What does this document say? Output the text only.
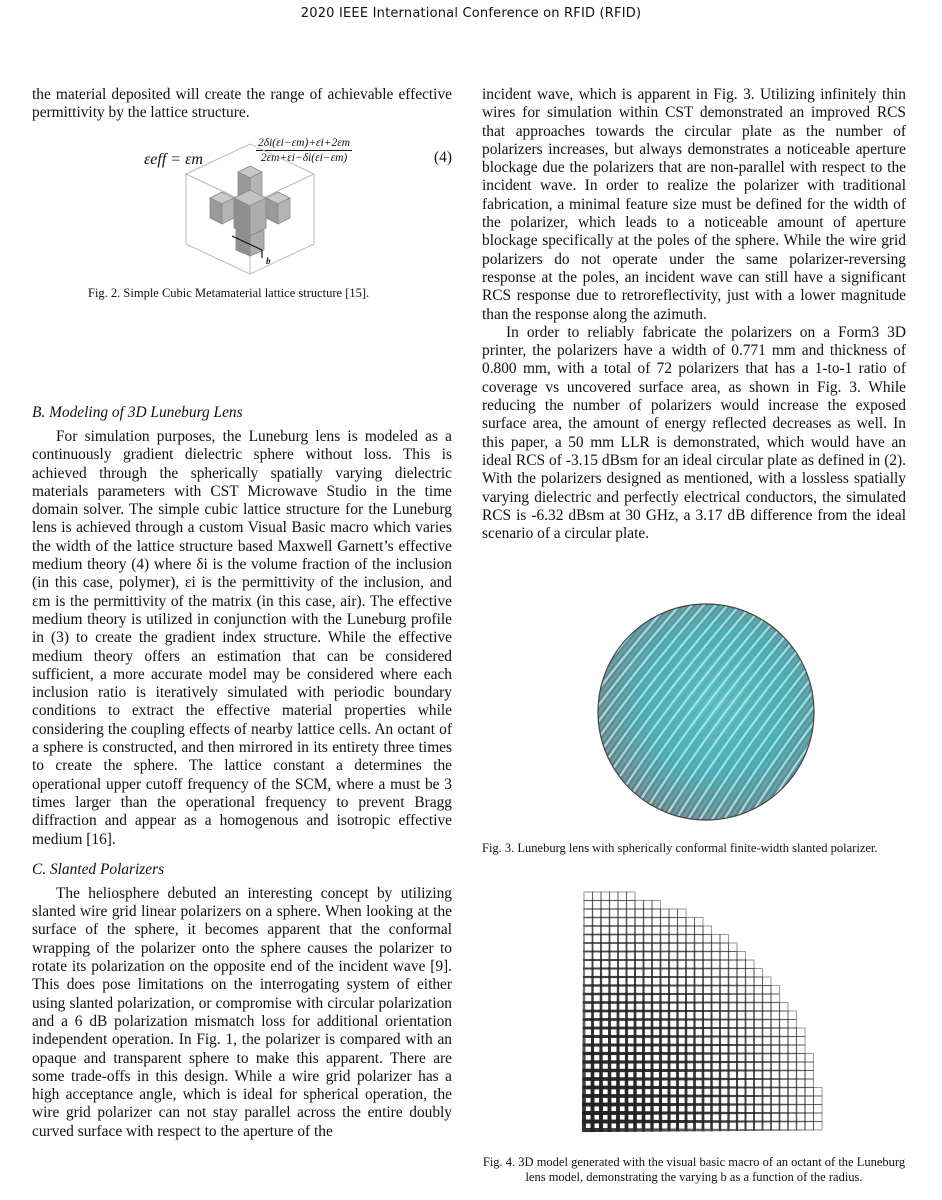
2020 IEEE International Conference on RFID (RFID)

the material deposited will create the range of achievable effective permittivity by the lattice structure.

εeff = εm	$\frac{2\delta i(\varepsilon i-\varepsilon m)+\varepsilon i+2\varepsilon m}{2\varepsilon m+\varepsilon i-\delta i(\varepsilon i-\varepsilon m)}$	(4)
b

Fig. 2. Simple Cubic Metamaterial lattice structure [15].

B. Modeling of 3D Luneburg Lens

For simulation purposes, the Luneburg lens is modeled as a continuously gradient dielectric sphere without loss. This is achieved through the spherically spatially varying dielectric materials parameters with CST Microwave Studio in the time domain solver. The simple cubic lattice structure for the Luneburg lens is achieved through a custom Visual Basic macro which varies the width of the lattice structure based Maxwell Garnett’s effective medium theory (4) where δi is the volume fraction of the inclusion (in this case, polymer), εi is the permittivity of the inclusion, and εm is the permittivity of the matrix (in this case, air). The effective medium theory is utilized in conjunction with the Luneburg profile in (3) to create the gradient index structure. While the effective medium theory offers an estimation that can be considered sufficient, a more accurate model may be considered where each inclusion ratio is iteratively simulated with periodic boundary conditions to extract the effective material properties while considering the coupling effects of nearby lattice cells. An octant of a sphere is constructed, and then mirrored in its entirety three times to create the sphere. The lattice constant a determines the operational upper cutoff frequency of the SCM, where a must be 3 times larger than the operational frequency to prevent Bragg diffraction and appear as a homogenous and isotropic effective medium [16].

C. Slanted Polarizers

The heliosphere debuted an interesting concept by utilizing slanted wire grid linear polarizers on a sphere. When looking at the surface of the sphere, it becomes apparent that the conformal wrapping of the polarizer onto the sphere causes the polarizer to rotate its polarization on the opposite end of the incident wave [9]. This does pose limitations on the interrogating system of either using slanted polarization, or compromise with circular polarization and a 6 dB polarization mismatch loss for additional orientation independent operation. In Fig. 1, the polarizer is compared with an opaque and transparent sphere to make this apparent. There are some trade-offs in this design. While a wire grid polarizer has a high acceptance angle, which is ideal for spherical operation, the wire grid polarizer can not stay parallel across the entire doubly curved surface with respect to the aperture of the

incident wave, which is apparent in Fig. 3. Utilizing infinitely thin wires for simulation within CST demonstrated an improved RCS that approaches towards the circular plate as the number of polarizers increases, but always demonstrates a noticeable aperture blockage due the polarizers that are non-parallel with respect to the incident wave. In order to realize the polarizer with traditional fabrication, a minimal feature size must be defined for the width of the polarizer, which leads to a noticeable amount of aperture blockage specifically at the poles of the sphere. While the wire grid polarizers do not operate under the same polarizer-reversing response at the poles, an incident wave can still have a significant RCS response due to retroreflectivity, just with a lower magnitude than the response along the azimuth.

In order to reliably fabricate the polarizers on a Form3 3D printer, the polarizers have a width of 0.771 mm and thickness of 0.800 mm, with a total of 72 polarizers that has a 1-to-1 ratio of coverage vs uncovered surface area, as shown in Fig. 3. While reducing the number of polarizers would increase the exposed surface area, the amount of energy reflected decreases as well. In this paper, a 50 mm LLR is demonstrated, which would have an ideal RCS of -3.15 dBsm for an ideal circular plate as defined in (2). With the polarizers designed as mentioned, with a lossless spatially varying dielectric and perfectly electrical conductors, the simulated RCS is -6.32 dBsm at 30 GHz, a 3.17 dB difference from the ideal scenario of a circular plate.

Fig. 3. Luneburg lens with spherically conformal finite-width slanted polarizer.

Fig. 4. 3D model generated with the visual basic macro of an octant of the Luneburg lens model, demonstrating the varying b as a function of the radius.
